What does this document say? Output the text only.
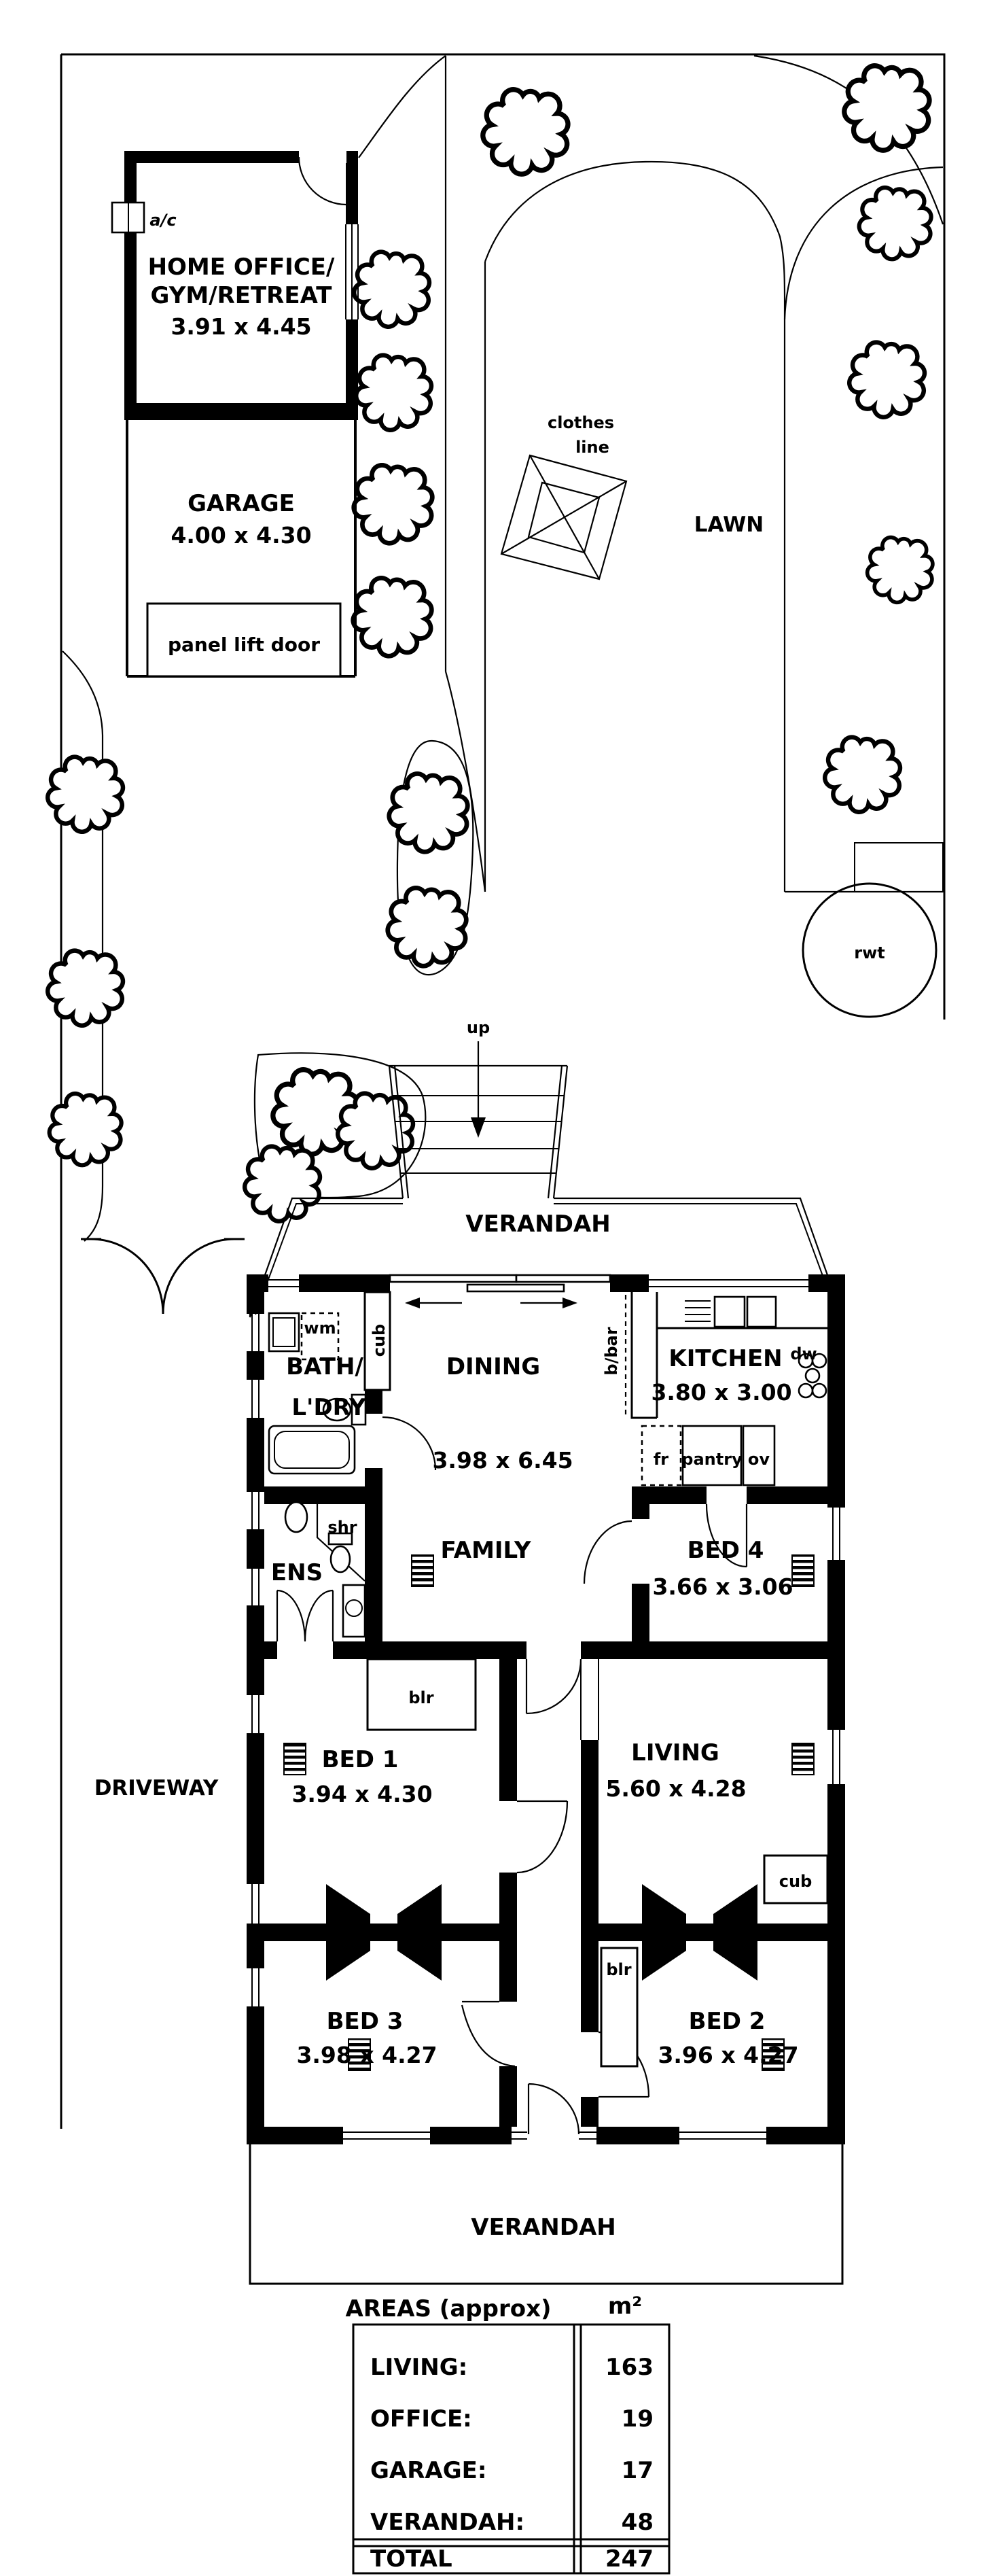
clothes
line
rwt
LAWN
DRIVEWAY
a/c
HOME OFFICE/
GYM/RETREAT
3.91 x 4.45
GARAGE
4.00 x 4.30
panel lift door
up
VERANDAH
cub
wm
VERANDAH
BATH/
L'DRY
DINING
3.98 x 6.45
b/bar KITCHEN
3.80 x 3.00
dw
fr pantry ov
shr
ENS
FAMILY	BED 4
3.66 x 3.06
blr
BED 1
3.94 x 4.30
LIVING
5.60 x 4.28
cub
blr
BED 3
3.98 x 4.27
BED 2
3.96 x 4.27
AREAS (approx) m²
LIVING:	163
OFFICE:	19
GARAGE:	17
VERANDAH:	48
TOTAL	247
